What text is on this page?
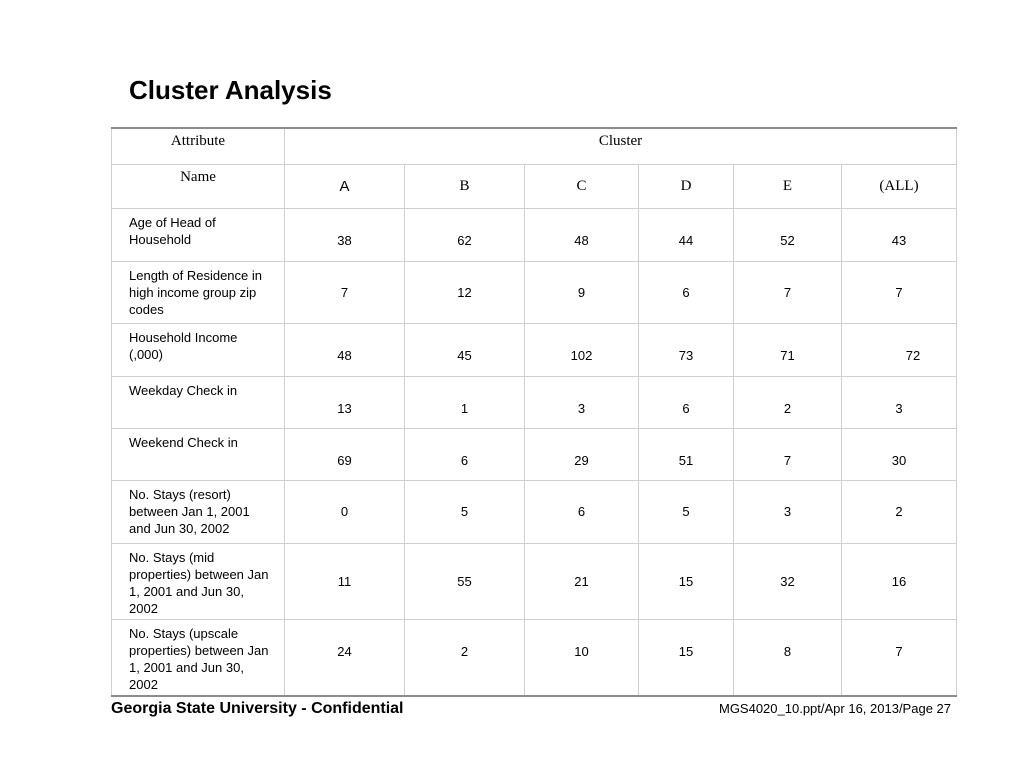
Cluster Analysis
Attribute	Cluster					
Name	A	B	C	D	E	(ALL)
Age of Head of Household	38	62	48	44	52	43
Length of Residence in high income group zip codes	7	12	9	6	7	7
Household Income (,000)	48	45	102	73	71	72
Weekday Check in	13	1	3	6	2	3
Weekend Check in	69	6	29	51	7	30
No. Stays (resort) between Jan 1, 2001 and Jun 30, 2002	0	5	6	5	3	2
No. Stays (mid properties) between Jan 1, 2001 and Jun 30, 2002	11	55	21	15	32	16
No. Stays (upscale properties) between Jan 1, 2001 and Jun 30, 2002	24	2	10	15	8	7
Georgia State University - Confidential	MGS4020_10.ppt/Apr 16, 2013/Page 27
